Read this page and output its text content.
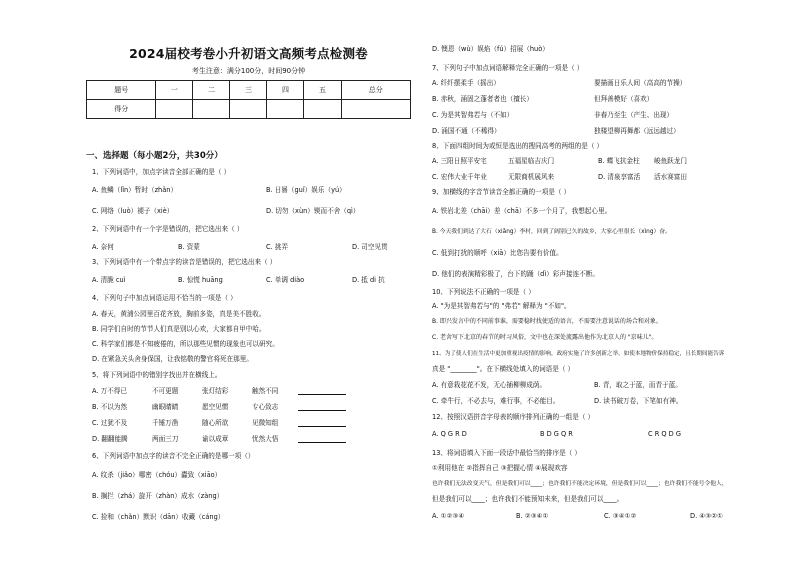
2024届校考卷小升初语文高频考点检测卷
考生注意：满分100分，时间90分钟
题号	一	二	三	四	五	总分
得分						
一、选择题（每小题2分，共30分）
1、下列词语中，加点字读音全部正确的是（ ）
A. 鱼鳞（lǐn）暂时（zhǎn）	B. 日晷（guǐ）娱乐（yú）
C. 网络（luò）褪子（xiè）	D. 切勿（xùn）锲而不舍（qì）
2、下列词语中有一个字是错误的，把它选出来（ ）
A. 奈何	B. 资蒙	C. 挑弄	D. 司空见贯
3、下列词语中有一个带点字的读音是错误的，把它选出来（ ）
A. 清脆 cuì	B. 惊慌 huāng	C. 单调 diào	D. 抵 di 抗
4、下列句子中加点词语运用不恰当的一项是（ ）
A. 春天，黄浦公园里百花齐放，胸前多姿，真是美不胜收。
B. 同学们自时的节节人们真是别以心欢，大家都自甲中哈。
C. 科学家们都是不知疲倦的，所以那些见惯的现象也可以研究。
D. 在紧急关头舍身保国，让我铭敬的警官将死在那里。
5、将下列词语中的错别字找出并在横线上。
A. 万不得已	不可更题	张灯结彩	触然不同
B. 不以为然	幽眼睛睛	愿空见惯	专心致志
C. 过犹不及	千锤万凿	随心所欲	见微知组
D. 翻翻能腾	两面三刀	谕以成章	忧然大悟
6、下列词语中加点字的读音不完全正确的是哪一项（）
A. 纹杀（jiǎo）哪密（chóu）蠹致（xiāo）
B. 搁拦（zhá）旋开（zhàn）成水（zàng）
C. 捡和（chǎn）默识（dān）收藏（cáng）
D. 懊恩（wù）娱焰（fú）招展（huò）
7、下列句子中加点词语解释完全正确的一项是（ ）
A. 纤纤摆柔手（摇出）	要描画日乐人间（高高的节操）
B. 赤秋，涌固之蓬者者也（擅长）	但拜善模好（喜欢）
C. 为是其智弗若与（不如）	非春乃至生（产生、出现）
D. 涌国不通（不稀得）	独楼望柳再舞都（远远越过）
8、下面四组时间为或恒是选出的搜同高考的两组的是（ ）
A. 三阳日照平安宅	五福星临吉庆门	B. 蝶飞抗金柱 峻鱼跃龙门
C. 宏伟大业千年业	无限商机展风来	D. 清泉享富活 活水赛富田
9、加横线的字音节读音全都正确的一项是（ ）
A. 铁岩北差（chāi）差（chā）不多一个月了，我想起心里。
B. 今天我们到达了大石（xiǎng）李村，回到了阔别已久的故乡，大家心里很长（xìng）奋。
C. 低到打扰的顺呼（xiā）比您告要有价值。
D. 他们的表演精彩极了，台下的踊（dì）彩声接连不断。
10、下列说法不正确的一项是（ ）
A. "为是其智弗若与"的 "弗若" 解释为 "不如"。
B. 即兴发言中的不同前事谁，需要稳时找使适的语言，不需要注意说话的场合和对象。
C. 老舍写下北京的春节的时习风俗，文中也在深处流露出他作为北京人的 "京味儿"。
11、为了使人们在生活中更加重视出疫情的影响，政府实施了许多创新之举，如使本地物价保持稳定，且长期间能告诉
真是 "________"。在下横线处填入的词语是（ ）
A. 有意栽花花不发，无心插柳柳成荫。	B. 青，取之于蓝，而青于蓝。
C. 牵牛行，不必去与，难行事，不必能目。	D. 读书破万卷，下笔如有神。
12、按照汉语拼音字母表的顺序排列正确的一组是（ ）
A. Q G R D	B D G Q R	C R Q D G
13、将词语填入下面一段话中最恰当的排序是（ ）
①利用他在 ②指挥自己 ③把握心情 ④展现欢容
也许我们无法改变天气，但是我们可以____；也许我们不能决定环境，但是我们可以____；也许我们不能号令他人，
但是我们可以____；也许我们不能预知未来，但是我们可以____。
A. ①②③④	B. ②③④①	C. ③④①②	D. ④③②①
